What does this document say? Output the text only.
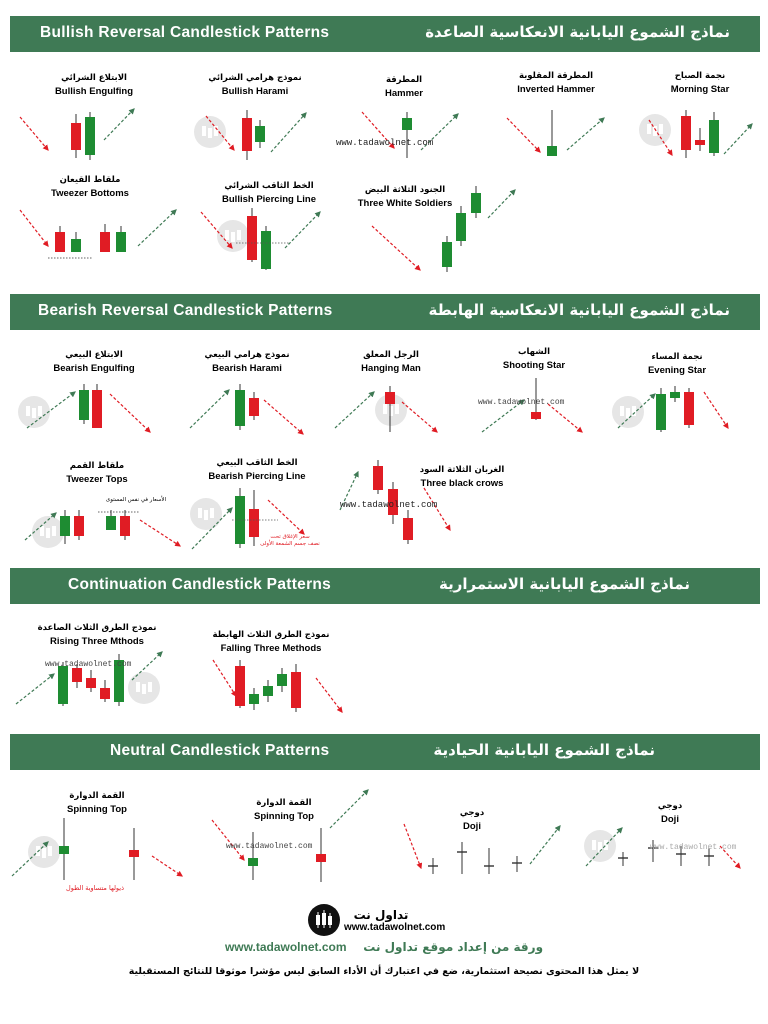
Bullish Reversal Candlestick Patterns	نماذج الشموع اليابانية الانعكاسية الصاعدة
Bearish Reversal Candlestick Patterns	نماذج الشموع اليابانية الانعكاسية الهابطة
Continuation Candlestick Patterns	نماذج الشموع اليابانية الاستمرارية
Neutral Candlestick Patterns	نماذج الشموع اليابانية الحيادية
الابتلاع الشرائي
Bullish Engulfing
نموذج هرامي الشرائي
Bullish Harami
المطرقة
Hammer
المطرقة المقلوبة
Inverted Hammer
نجمة الصباح
Morning Star
ملقاط القيعان
Tweezer Bottoms
الخط الثاقب الشرائي
Bullish Piercing Line
الجنود الثلاثة البيض
Three White Soldiers
الابتلاع البيعي
Bearish Engulfing
نموذج هرامي البيعي
Bearish Harami
الرجل المعلق
Hanging Man
الشهاب
Shooting Star
نجمة المساء
Evening Star
ملقاط القمم
Tweezer Tops
الخط الثاقب البيعي
Bearish Piercing Line
الغربان الثلاثة السود
Three black crows
نموذج الطرق الثلاث الصاعدة
Rising Three Mthods
نموذج الطرق الثلاث الهابطة
Falling Three Methods
القمة الدوارة
Spinning Top
القمة الدوارة
Spinning Top	دوجي
Doji
دوجي
Doji
الأسعار في نفس المستوى
سعر الإغلاق تحت
نصف جسم الشمعة الأولى
ذيولها متساوية الطول
www.tadawolnet.com
www.tadawolnet.com
www.tadawolnet.com
www.tadawolnet.com
www.tadawolnet.com	www.tadawolnet.com
تداول نت
www.tadawolnet.com
www.tadawolnet.com ورقة من إعداد موقع تداول نت
لا يمثل هذا المحتوى نصيحة استثمارية، ضع في اعتبارك أن الأداء السابق ليس مؤشرا موثوقا للنتائج المستقبلية
